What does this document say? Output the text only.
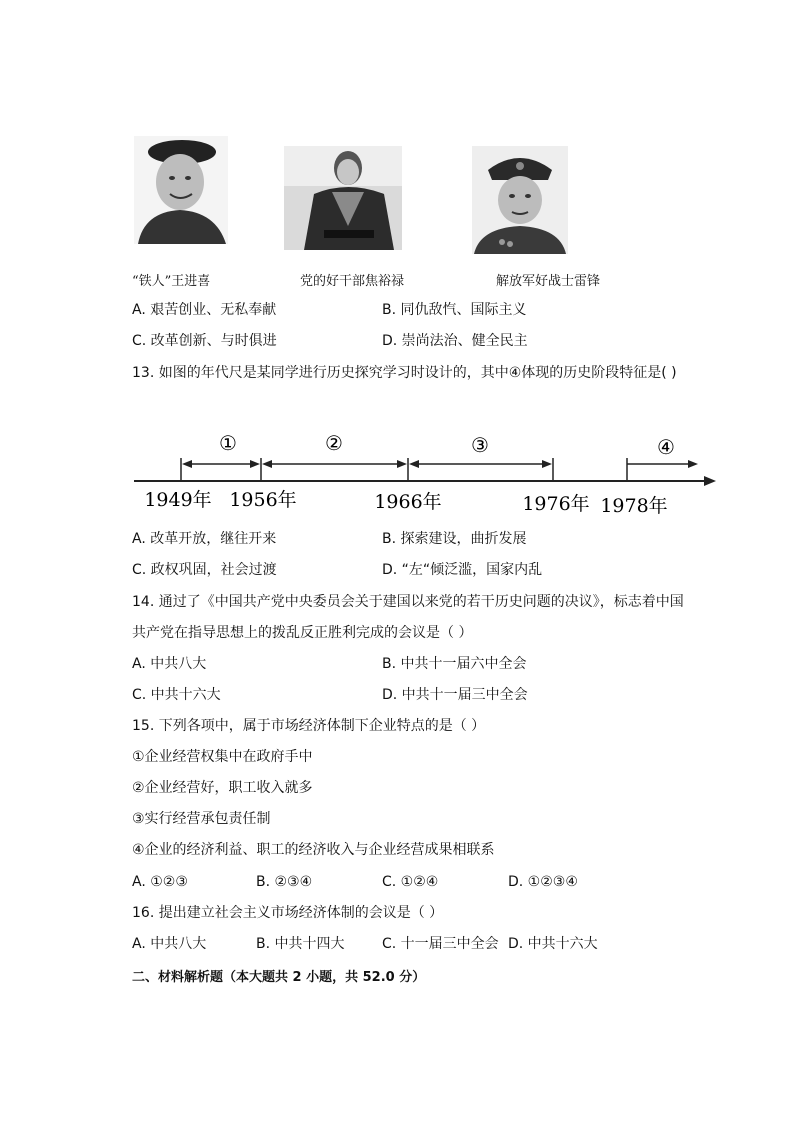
“铁人”王进喜	党的好干部焦裕禄	解放军好战士雷锋
A. 艰苦创业、无私奉献	B. 同仇敌忾、国际主义
C. 改革创新、与时俱进	D. 崇尚法治、健全民主
13. 如图的年代尺是某同学进行历史探究学习时设计的，其中④体现的历史阶段特征是( )
①	②	③	④
1949年 1956年	1966年	1976年 1978年
A. 改革开放，继往开来	B. 探索建设，曲折发展
C. 政权巩固，社会过渡	D. “左“倾泛滥，国家内乱
14. 通过了《中国共产党中央委员会关于建国以来党的若干历史问题的决议》，标志着中国
共产党在指导思想上的拨乱反正胜利完成的会议是（ ）
A. 中共八大	B. 中共十一届六中全会
C. 中共十六大	D. 中共十一届三中全会
15. 下列各项中，属于市场经济体制下企业特点的是（ ）
①企业经营权集中在政府手中
②企业经营好，职工收入就多
③实行经营承包责任制
④企业的经济利益、职工的经济收入与企业经营成果相联系
A. ①②③	B. ②③④	C. ①②④	D. ①②③④
16. 提出建立社会主义市场经济体制的会议是（ ）
A. 中共八大	B. 中共十四大	C. 十一届三中全会 D. 中共十六大
二、材料解析题（本大题共 2 小题，共 52.0 分）
